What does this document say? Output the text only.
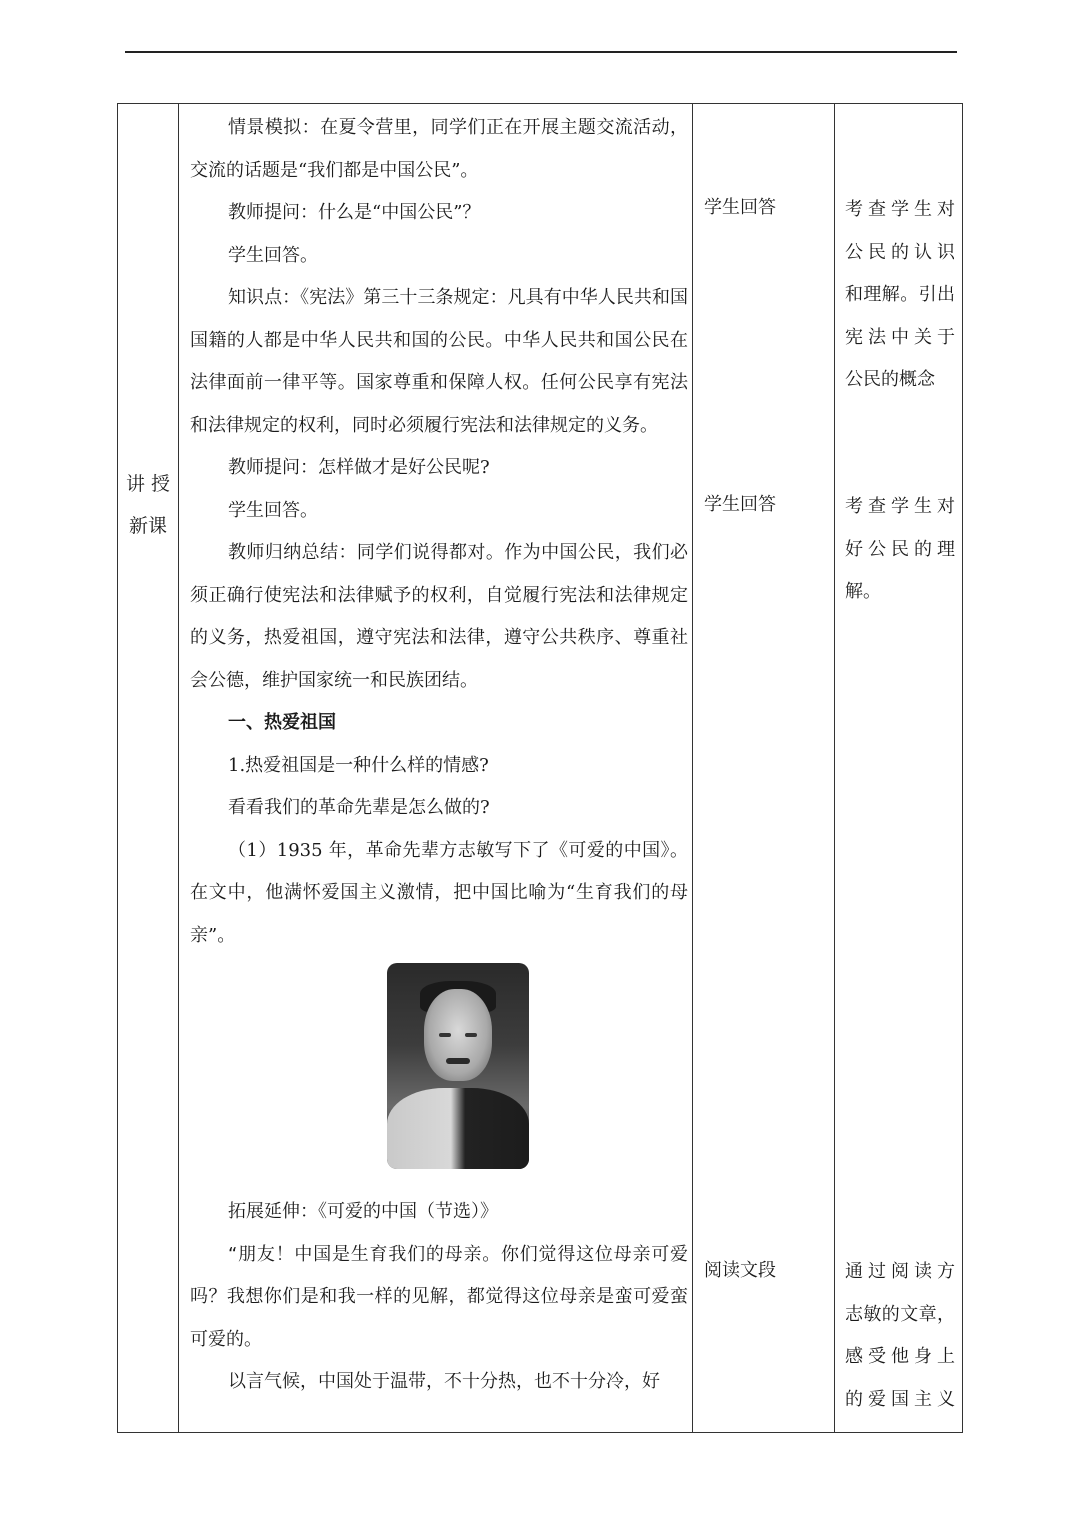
讲 授
新课

情景模拟：在夏令营里，同学们正在开展主题交流活动，交流的话题是“我们都是中国公民”。

教师提问：什么是“中国公民”？

学生回答。

知识点：《宪法》第三十三条规定：凡具有中华人民共和国国籍的人都是中华人民共和国的公民。中华人民共和国公民在法律面前一律平等。国家尊重和保障人权。任何公民享有宪法和法律规定的权利，同时必须履行宪法和法律规定的义务。

教师提问：怎样做才是好公民呢?

学生回答。

教师归纳总结：同学们说得都对。作为中国公民，我们必须正确行使宪法和法律赋予的权利，自觉履行宪法和法律规定的义务，热爱祖国，遵守宪法和法律，遵守公共秩序、尊重社会公德，维护国家统一和民族团结。

一、热爱祖国

1.热爱祖国是一种什么样的情感?

看看我们的革命先辈是怎么做的?

（1）1935 年，革命先辈方志敏写下了《可爱的中国》。在文中，他满怀爱国主义激情，把中国比喻为“生育我们的母亲”。

拓展延伸：《可爱的中国（节选）》

“朋友！中国是生育我们的母亲。你们觉得这位母亲可爱吗？我想你们是和我一样的见解，都觉得这位母亲是蛮可爱蛮可爱的。

以言气候，中国处于温带，不十分热，也不十分冷，好

学生回答
学生回答
阅读文段
考查学生对
公民的认识
和理解。引出
宪法中关于
公民的概念
考查学生对
好公民的理
解。
通过阅读方
志敏的文章，
感受他身上
的爱国主义
